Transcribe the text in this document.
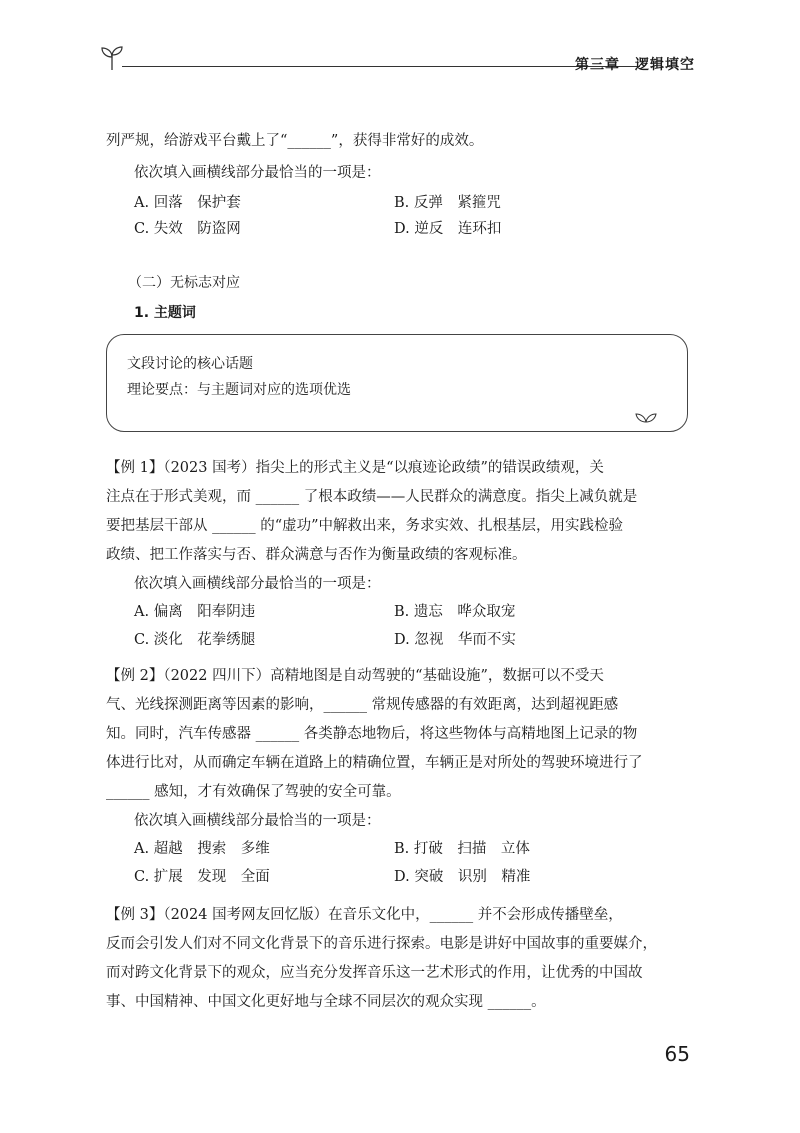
第三章　逻辑填空
列严规，给游戏平台戴上了“______”，获得非常好的成效。
依次填入画横线部分最恰当的一项是：
A. 回落　保护套	B. 反弹　紧箍咒
C. 失效　防盗网	D. 逆反　连环扣
（二）无标志对应
1. 主题词
文段讨论的核心话题
理论要点：与主题词对应的选项优选
【例 1】（2023 国考）指尖上的形式主义是“以痕迹论政绩”的错误政绩观，关
注点在于形式美观，而 ______ 了根本政绩——人民群众的满意度。指尖上减负就是
要把基层干部从 ______ 的“虚功”中解救出来，务求实效、扎根基层，用实践检验
政绩、把工作落实与否、群众满意与否作为衡量政绩的客观标准。
依次填入画横线部分最恰当的一项是：
A. 偏离　阳奉阴违	B. 遗忘　哗众取宠
C. 淡化　花拳绣腿	D. 忽视　华而不实
【例 2】（2022 四川下）高精地图是自动驾驶的“基础设施”，数据可以不受天
气、光线探测距离等因素的影响，______ 常规传感器的有效距离，达到超视距感
知。同时，汽车传感器 ______ 各类静态地物后，将这些物体与高精地图上记录的物
体进行比对，从而确定车辆在道路上的精确位置，车辆正是对所处的驾驶环境进行了
______ 感知，才有效确保了驾驶的安全可靠。
依次填入画横线部分最恰当的一项是：
A. 超越　搜索　多维	B. 打破　扫描　立体
C. 扩展　发现　全面	D. 突破　识别　精准
【例 3】（2024 国考网友回忆版）在音乐文化中，______ 并不会形成传播壁垒，
反而会引发人们对不同文化背景下的音乐进行探索。电影是讲好中国故事的重要媒介，
而对跨文化背景下的观众，应当充分发挥音乐这一艺术形式的作用，让优秀的中国故
事、中国精神、中国文化更好地与全球不同层次的观众实现 ______。
65
